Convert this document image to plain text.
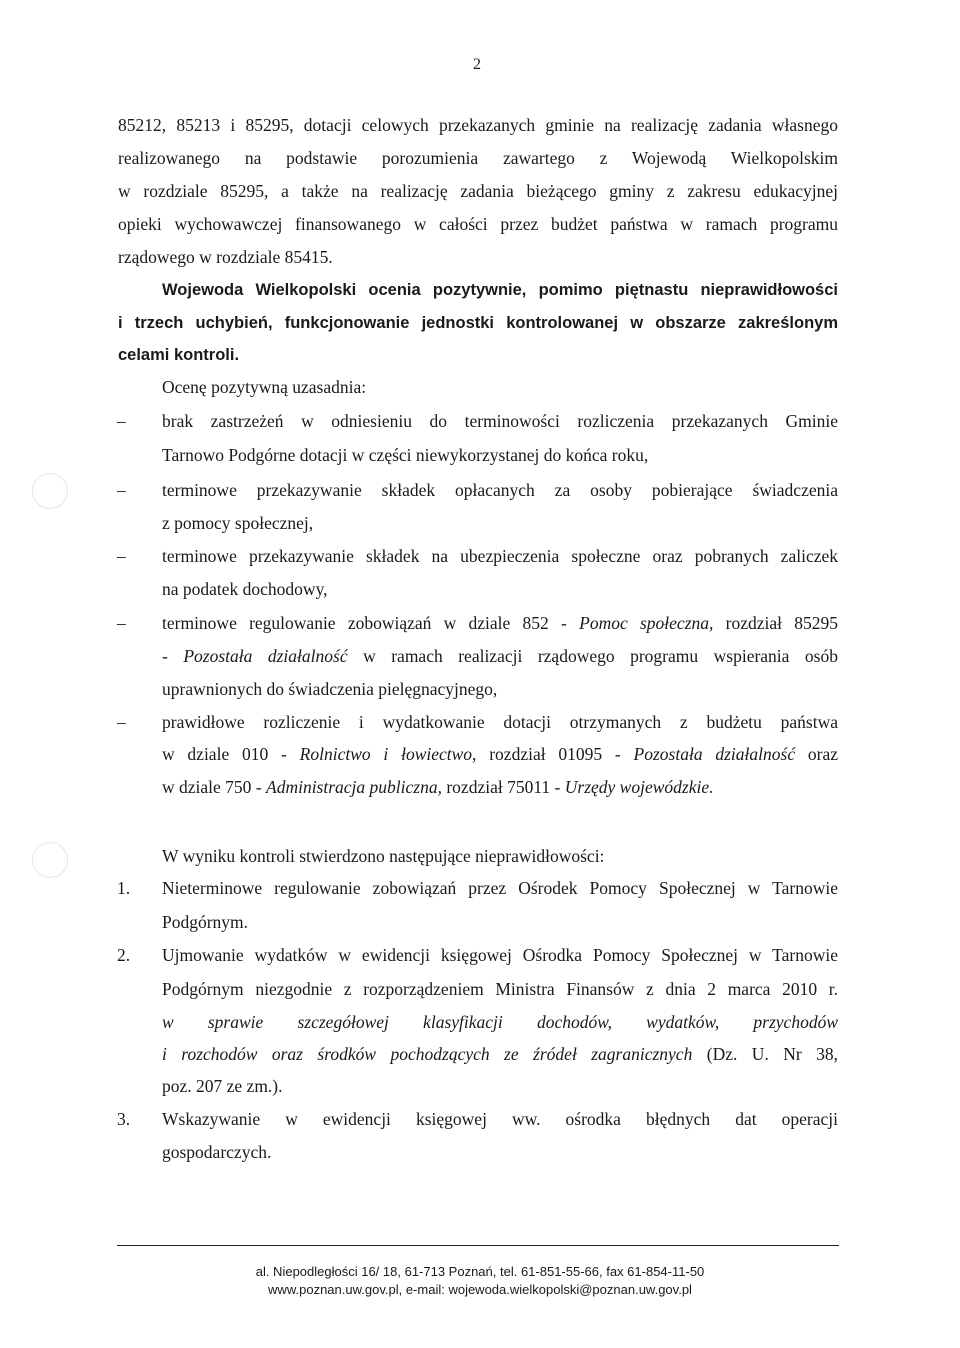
2
85212, 85213 i 85295, dotacji celowych przekazanych gminie na realizację zadania własnego
realizowanego na podstawie porozumienia zawartego z Wojewodą Wielkopolskim
w rozdziale 85295, a także na realizację zadania bieżącego gminy z zakresu edukacyjnej
opieki wychowawczej finansowanego w całości przez budżet państwa w ramach programu
rządowego w rozdziale 85415.
Wojewoda Wielkopolski ocenia pozytywnie, pomimo piętnastu nieprawidłowości
i trzech uchybień, funkcjonowanie jednostki kontrolowanej w obszarze zakreślonym
celami kontroli.
Ocenę pozytywną uzasadnia:
– brak zastrzeżeń w odniesieniu do terminowości rozliczenia przekazanych Gminie
Tarnowo Podgórne dotacji w części niewykorzystanej do końca roku,
– terminowe przekazywanie składek opłacanych za osoby pobierające świadczenia
z pomocy społecznej,
– terminowe przekazywanie składek na ubezpieczenia społeczne oraz pobranych zaliczek
na podatek dochodowy,
– terminowe regulowanie zobowiązań w dziale 852 - Pomoc społeczna, rozdział 85295
- Pozostała działalność w ramach realizacji rządowego programu wspierania osób
uprawnionych do świadczenia pielęgnacyjnego,
– prawidłowe rozliczenie i wydatkowanie dotacji otrzymanych z budżetu państwa
w dziale 010 - Rolnictwo i łowiectwo, rozdział 01095 - Pozostała działalność oraz
w dziale 750 - Administracja publiczna, rozdział 75011 - Urzędy wojewódzkie.
W wyniku kontroli stwierdzono następujące nieprawidłowości:
1. Nieterminowe regulowanie zobowiązań przez Ośrodek Pomocy Społecznej w Tarnowie
Podgórnym.
2. Ujmowanie wydatków w ewidencji księgowej Ośrodka Pomocy Społecznej w Tarnowie
Podgórnym niezgodnie z rozporządzeniem Ministra Finansów z dnia 2 marca 2010 r.
w sprawie szczegółowej klasyfikacji dochodów, wydatków, przychodów
i rozchodów oraz środków pochodzących ze źródeł zagranicznych (Dz. U. Nr 38,
poz. 207 ze zm.).
3. Wskazywanie w ewidencji księgowej ww. ośrodka błędnych dat operacji
gospodarczych.
al. Niepodległości 16/ 18, 61-713 Poznań, tel. 61-851-55-66, fax 61-854-11-50
www.poznan.uw.gov.pl, e-mail: wojewoda.wielkopolski@poznan.uw.gov.pl
